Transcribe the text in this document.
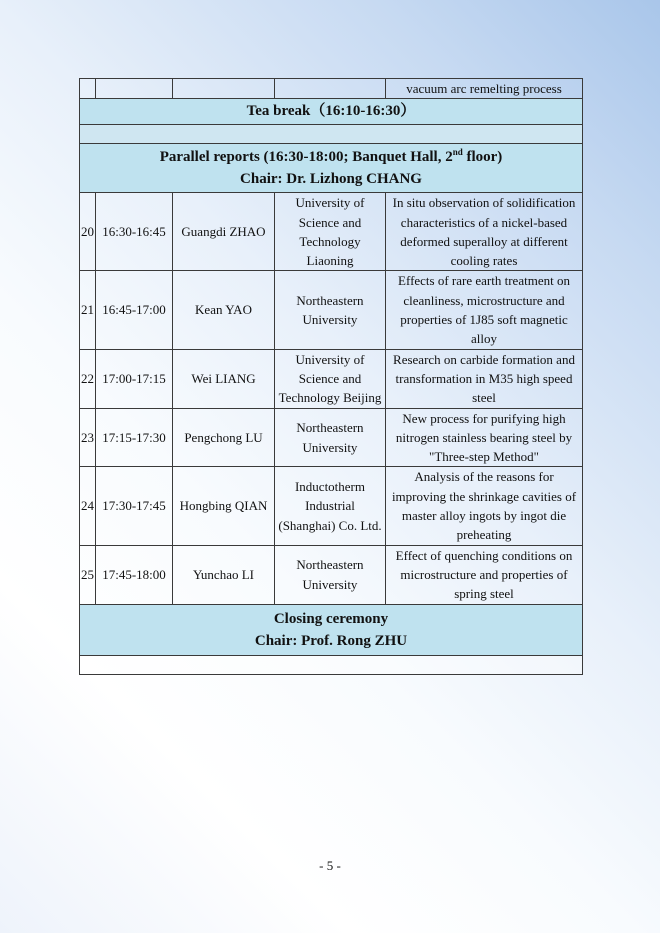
				vacuum arc remelting process
Tea break（16:10-16:30）				

Parallel reports (16:30-18:00; Banquet Hall, 2nd floor)
Chair: Dr. Lizhong CHANG				

20	16:30-16:45	Guangdi ZHAO	University of Science and Technology Liaoning	In situ observation of solidification characteristics of a nickel-based deformed superalloy at different cooling rates
21	16:45-17:00	Kean YAO	Northeastern University	Effects of rare earth treatment on cleanliness, microstructure and properties of 1J85 soft magnetic alloy
22	17:00-17:15	Wei LIANG	University of Science and Technology Beijing	Research on carbide formation and transformation in M35 high speed steel
23	17:15-17:30	Pengchong LU	Northeastern University	New process for purifying high nitrogen stainless bearing steel by "Three-step Method"
24	17:30-17:45	Hongbing QIAN	Inductotherm Industrial (Shanghai) Co. Ltd.	Analysis of the reasons for improving the shrinkage cavities of master alloy ingots by ingot die preheating
25	17:45-18:00	Yunchao LI	Northeastern University	Effect of quenching conditions on microstructure and properties of spring steel

Closing ceremony
Chair: Prof. Rong ZHU				

- 5 -
